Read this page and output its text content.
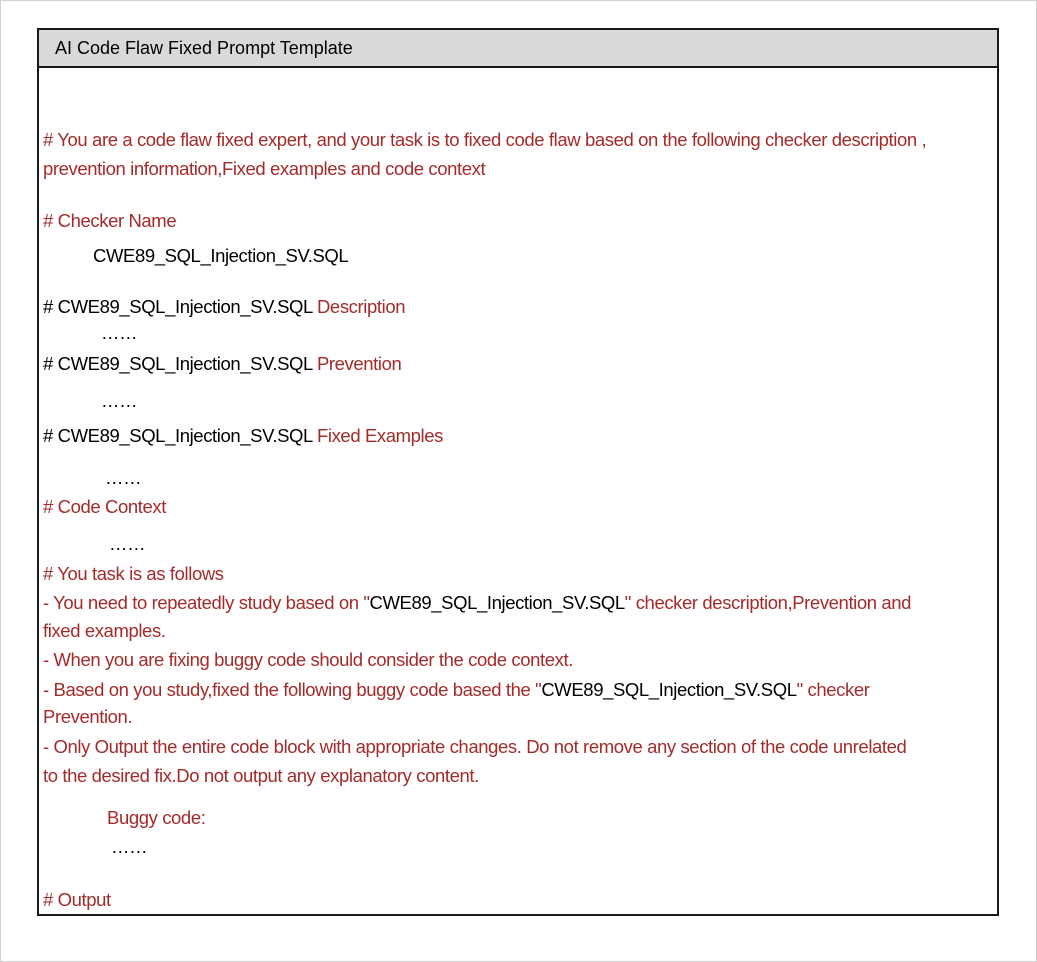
AI Code Flaw Fixed Prompt Template
# You are a code flaw fixed expert, and your task is to fixed code flaw based on the following checker description ,
prevention information,Fixed examples and code context
# Checker Name
CWE89_SQL_Injection_SV.SQL
# CWE89_SQL_Injection_SV.SQL Description
……
# CWE89_SQL_Injection_SV.SQL Prevention
……
# CWE89_SQL_Injection_SV.SQL Fixed Examples
……
# Code Context
……
# You task is as follows
- You need to repeatedly study based on "CWE89_SQL_Injection_SV.SQL" checker description,Prevention and
fixed examples.
- When you are fixing buggy code should consider the code context.
- Based on you study,fixed the following buggy code based the "CWE89_SQL_Injection_SV.SQL" checker
Prevention.
- Only Output the entire code block with appropriate changes. Do not remove any section of the code unrelated
to the desired fix.Do not output any explanatory content.
Buggy code:
……
# Output
